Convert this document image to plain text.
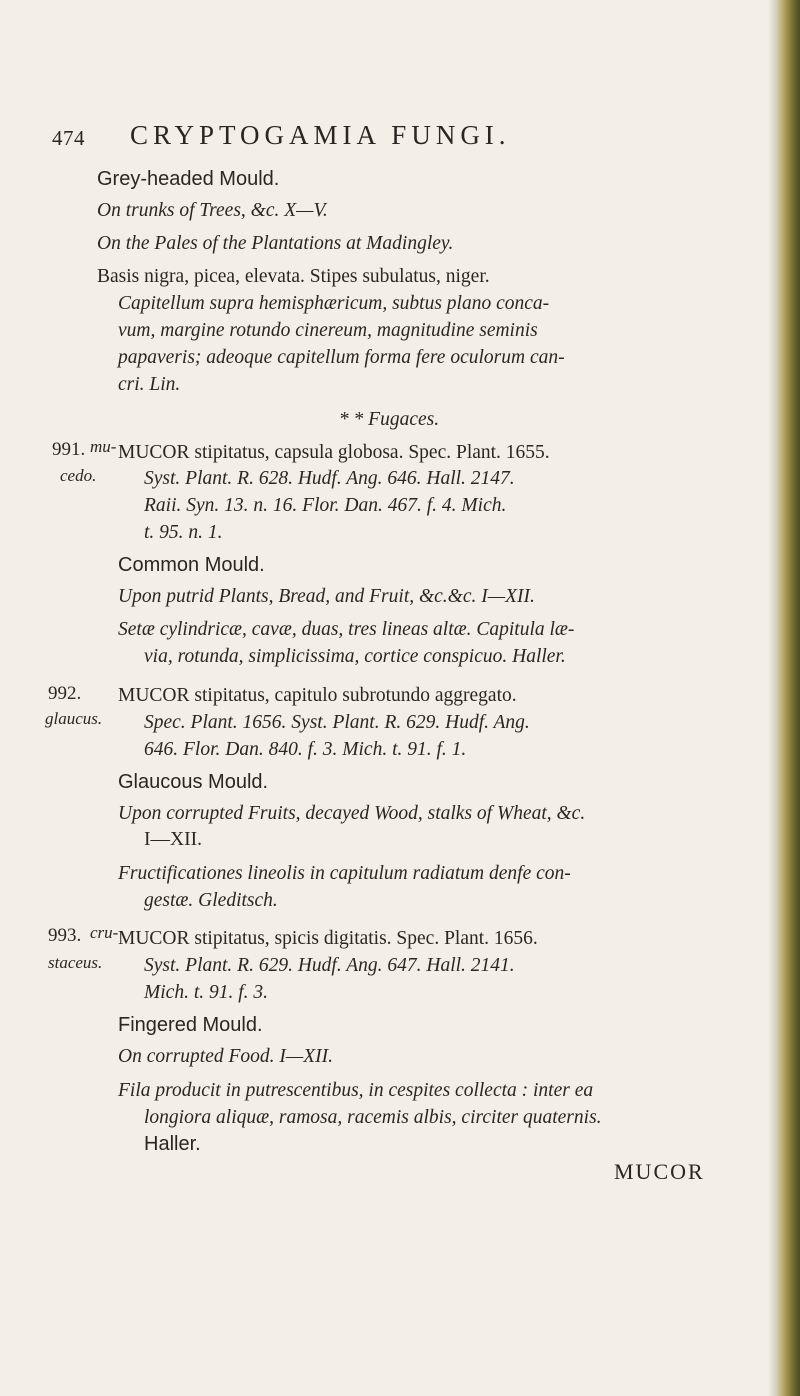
474 CRYPTOGAMIA FUNGI.
Grey-headed Mould.
On trunks of Trees, &c. X—V.
On the Pales of the Plantations at Madingley.
Basis nigra, picea, elevata. Stipes subulatus, niger.
Capitellum supra hemisphæricum, subtus plano conca-
vum, margine rotundo cinereum, magnitudine seminis
papaveris; adeoque capitellum forma fere oculorum can-
cri. Lin.
* * Fugaces.
991. mu-
cedo.
MUCOR stipitatus, capsula globosa. Spec. Plant. 1655.
Syst. Plant. R. 628. Hudf. Ang. 646. Hall. 2147.
Raii. Syn. 13. n. 16. Flor. Dan. 467. f. 4. Mich.
t. 95. n. 1.
Common Mould.
Upon putrid Plants, Bread, and Fruit, &c.&c. I—XII.
Setæ cylindricæ, cavæ, duas, tres lineas altæ. Capitula læ-
via, rotunda, simplicissima, cortice conspicuo. Haller.
992.
glaucus.
MUCOR stipitatus, capitulo subrotundo aggregato.
Spec. Plant. 1656. Syst. Plant. R. 629. Hudf. Ang.
646. Flor. Dan. 840. f. 3. Mich. t. 91. f. 1.
Glaucous Mould.
Upon corrupted Fruits, decayed Wood, stalks of Wheat, &c.
I—XII.
Fructificationes lineolis in capitulum radiatum denfe con-
gestæ. Gleditsch.
993. cru-
staceus.
MUCOR stipitatus, spicis digitatis. Spec. Plant. 1656.
Syst. Plant. R. 629. Hudf. Ang. 647. Hall. 2141.
Mich. t. 91. f. 3.
Fingered Mould.
On corrupted Food. I—XII.
Fila producit in putrescentibus, in cespites collecta : inter ea
longiora aliquæ, ramosa, racemis albis, circiter quaternis.
Haller.
MUCOR
